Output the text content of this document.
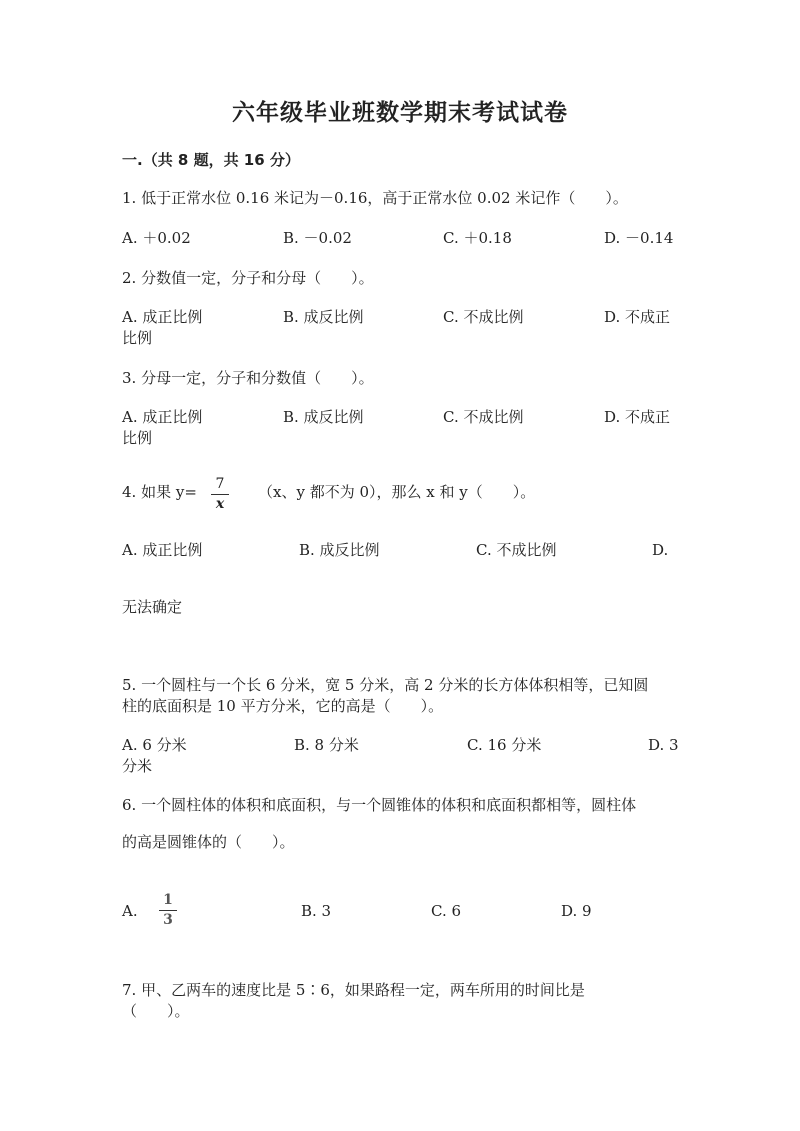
六年级毕业班数学期末考试试卷
一.（共 8 题，共 16 分）
1. 低于正常水位 0.16 米记为－0.16，高于正常水位 0.02 米记作（　　）。
A. ＋0.02	B. －0.02	C. ＋0.18	D. －0.14
2. 分数值一定，分子和分母（　　）。
A. 成正比例	B. 成反比例	C. 不成比例	D. 不成正
比例
3. 分母一定，分子和分数值（　　）。
A. 成正比例	B. 成反比例	C. 不成比例	D. 不成正
比例
4. 如果 y=	7
x
（x、y 都不为 0），那么 x 和 y（　　）。
A. 成正比例	B. 成反比例	C. 不成比例	D.
无法确定
5. 一个圆柱与一个长 6 分米，宽 5 分米，高 2 分米的长方体体积相等，已知圆
柱的底面积是 10 平方分米，它的高是（　　）。
A. 6 分米	B. 8 分米	C. 16 分米	D. 3
分米
6. 一个圆柱体的体积和底面积，与一个圆锥体的体积和底面积都相等，圆柱体
的高是圆锥体的（　　）。
A.
1
3	B. 3	C. 6	D. 9
7. 甲、乙两车的速度比是 5∶6，如果路程一定，两车所用的时间比是
（　　）。
